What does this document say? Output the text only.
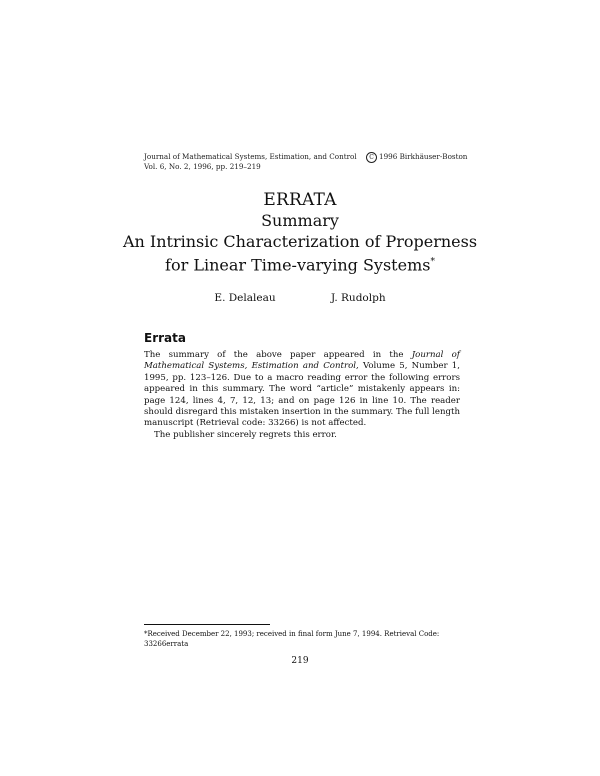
Journal of Mathematical Systems, Estimation, and Control
Vol. 6, No. 2, 1996, pp. 219–219
C 1996 Birkhäuser-Boston
ERRATA
Summary
An Intrinsic Characterization of Properness
for Linear Time-varying Systems*
E. Delaleau	J. Rudolph
Errata

The summary of the above paper appeared in the Journal of Mathematical Systems, Estimation and Control, Volume 5, Number 1, 1995, pp. 123–126. Due to a macro reading error the following errors appeared in this summary. The word “article” mistakenly appears in: page 124, lines 4, 7, 12, 13; and on page 126 in line 10. The reader should disregard this mistaken insertion in the summary. The full length manuscript (Retrieval code: 33266) is not affected.

The publisher sincerely regrets this error.

*Received December 22, 1993; received in final form June 7, 1994. Retrieval Code: 33266errata
219
